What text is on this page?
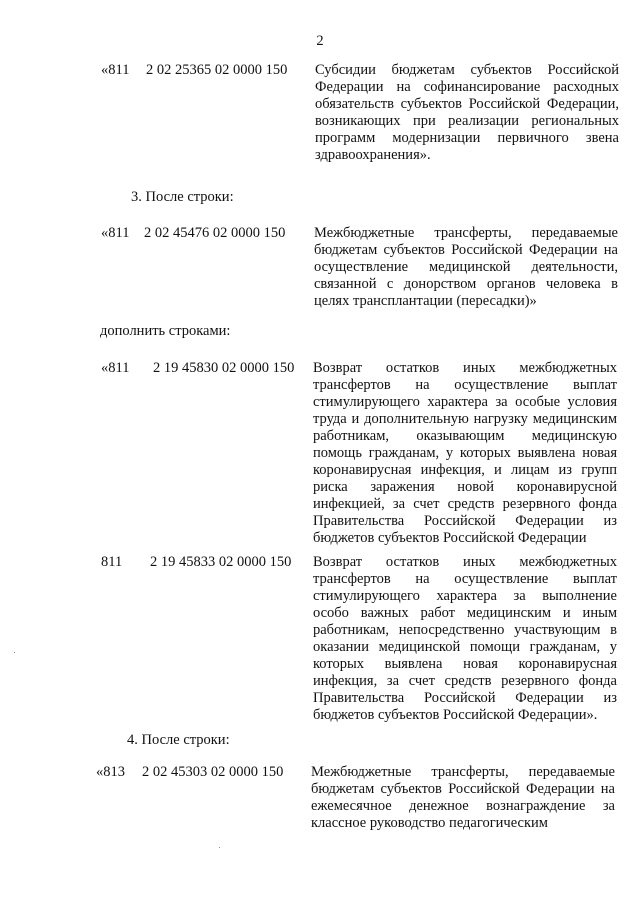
2
«811 2 02 25365 02 0000 150 Субсидии бюджетам субъектов Российской Федерации на софинансирование расходных обязательств субъектов Российской Федерации, возникающих при реализации региональных программ модернизации первичного звена здравоохранения».
3. После строки:
«811 2 02 45476 02 0000 150 Межбюджетные трансферты, передаваемые бюджетам субъектов Российской Федерации на осуществление медицинской деятельности, связанной с донорством органов человека в целях трансплантации (пересадки)»
дополнить строками:
«811 2 19 45830 02 0000 150 Возврат остатков иных межбюджетных трансфертов на осуществление выплат стимулирующего характера за особые условия труда и дополнительную нагрузку медицинским работникам, оказывающим медицинскую помощь гражданам, у которых выявлена новая коронавирусная инфекция, и лицам из групп риска заражения новой коронавирусной инфекцией, за счет средств резервного фонда Правительства Российской Федерации из бюджетов субъектов Российской Федерации
811 2 19 45833 02 0000 150 Возврат остатков иных межбюджетных трансфертов на осуществление выплат стимулирующего характера за выполнение особо важных работ медицинским и иным работникам, непосредственно участвующим в оказании медицинской помощи гражданам, у которых выявлена новая коронавирусная инфекция, за счет средств резервного фонда Правительства Российской Федерации из бюджетов субъектов Российской Федерации».
4. После строки:
«813 2 02 45303 02 0000 150 Межбюджетные трансферты, передаваемые бюджетам субъектов Российской Федерации на ежемесячное денежное вознаграждение за классное руководство педагогическим
